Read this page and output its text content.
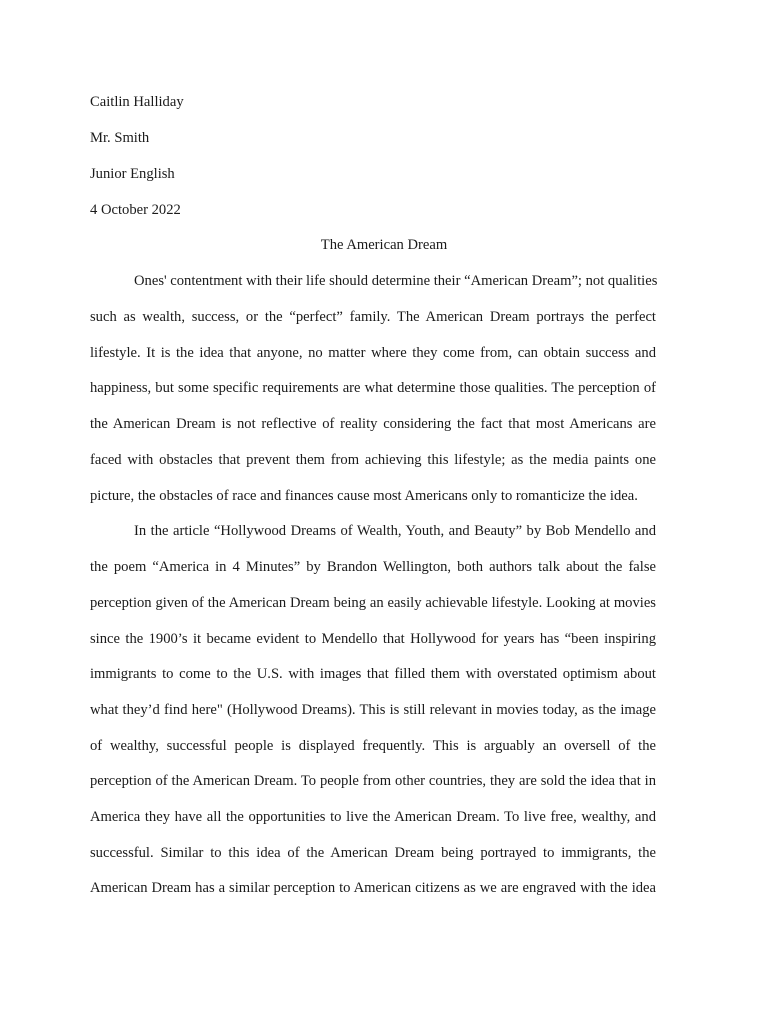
Caitlin Halliday
Mr. Smith
Junior English
4 October 2022
The American Dream
Ones' contentment with their life should determine their “American Dream”; not qualities
such as wealth, success, or the “perfect” family. The American Dream portrays the perfect
lifestyle. It is the idea that anyone, no matter where they come from, can obtain success and
happiness, but some specific requirements are what determine those qualities. The perception of
the American Dream is not reflective of reality considering the fact that most Americans are
faced with obstacles that prevent them from achieving this lifestyle; as the media paints one
picture, the obstacles of race and finances cause most Americans only to romanticize the idea.
In the article “Hollywood Dreams of Wealth, Youth, and Beauty” by Bob Mendello and
the poem “America in 4 Minutes” by Brandon Wellington, both authors talk about the false
perception given of the American Dream being an easily achievable lifestyle. Looking at movies
since the 1900’s it became evident to Mendello that Hollywood for years has “been inspiring
immigrants to come to the U.S. with images that filled them with overstated optimism about
what they’d find here" (Hollywood Dreams). This is still relevant in movies today, as the image
of wealthy, successful people is displayed frequently. This is arguably an oversell of the
perception of the American Dream. To people from other countries, they are sold the idea that in
America they have all the opportunities to live the American Dream. To live free, wealthy, and
successful. Similar to this idea of the American Dream being portrayed to immigrants, the
American Dream has a similar perception to American citizens as we are engraved with the idea
